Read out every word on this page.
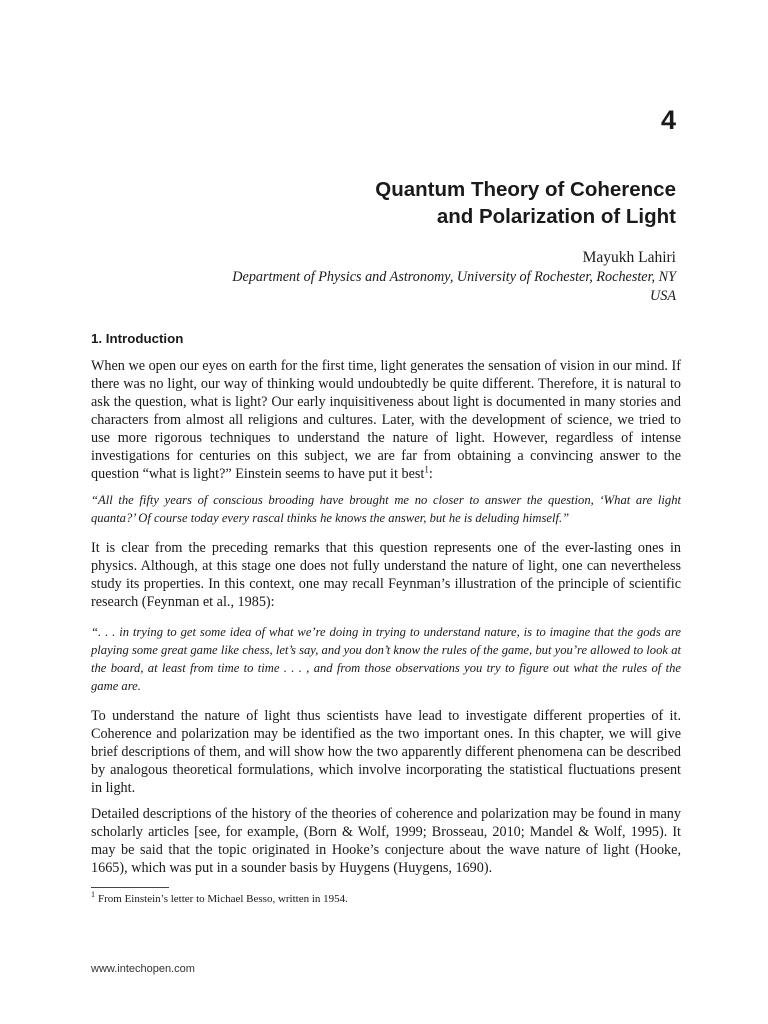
4
Quantum Theory of Coherence
and Polarization of Light
Mayukh Lahiri
Department of Physics and Astronomy, University of Rochester, Rochester, NY
USA
1. Introduction

When we open our eyes on earth for the first time, light generates the sensation of vision in our mind. If there was no light, our way of thinking would undoubtedly be quite different. Therefore, it is natural to ask the question, what is light? Our early inquisitiveness about light is documented in many stories and characters from almost all religions and cultures. Later, with the development of science, we tried to use more rigorous techniques to understand the nature of light. However, regardless of intense investigations for centuries on this subject, we are far from obtaining a convincing answer to the question “what is light?” Einstein seems to have put it best$^1$:

“All the fifty years of conscious brooding have brought me no closer to answer the question, ‘What are light quanta?’ Of course today every rascal thinks he knows the answer, but he is deluding himself.”

It is clear from the preceding remarks that this question represents one of the ever-lasting ones in physics. Although, at this stage one does not fully understand the nature of light, one can nevertheless study its properties. In this context, one may recall Feynman’s illustration of the principle of scientific research (Feynman et al., 1985):

“. . . in trying to get some idea of what we’re doing in trying to understand nature, is to imagine that the gods are playing some great game like chess, let’s say, and you don’t know the rules of the game, but you’re allowed to look at the board, at least from time to time . . . , and from those observations you try to figure out what the rules of the game are.

To understand the nature of light thus scientists have lead to investigate different properties of it. Coherence and polarization may be identified as the two important ones. In this chapter, we will give brief descriptions of them, and will show how the two apparently different phenomena can be described by analogous theoretical formulations, which involve incorporating the statistical fluctuations present in light.

Detailed descriptions of the history of the theories of coherence and polarization may be found in many scholarly articles [see, for example, (Born & Wolf, 1999; Brosseau, 2010; Mandel & Wolf, 1995). It may be said that the topic originated in Hooke’s conjecture about the wave nature of light (Hooke, 1665), which was put in a sounder basis by Huygens (Huygens, 1690).

$^1$ From Einstein’s letter to Michael Besso, written in 1954.
www.intechopen.com
